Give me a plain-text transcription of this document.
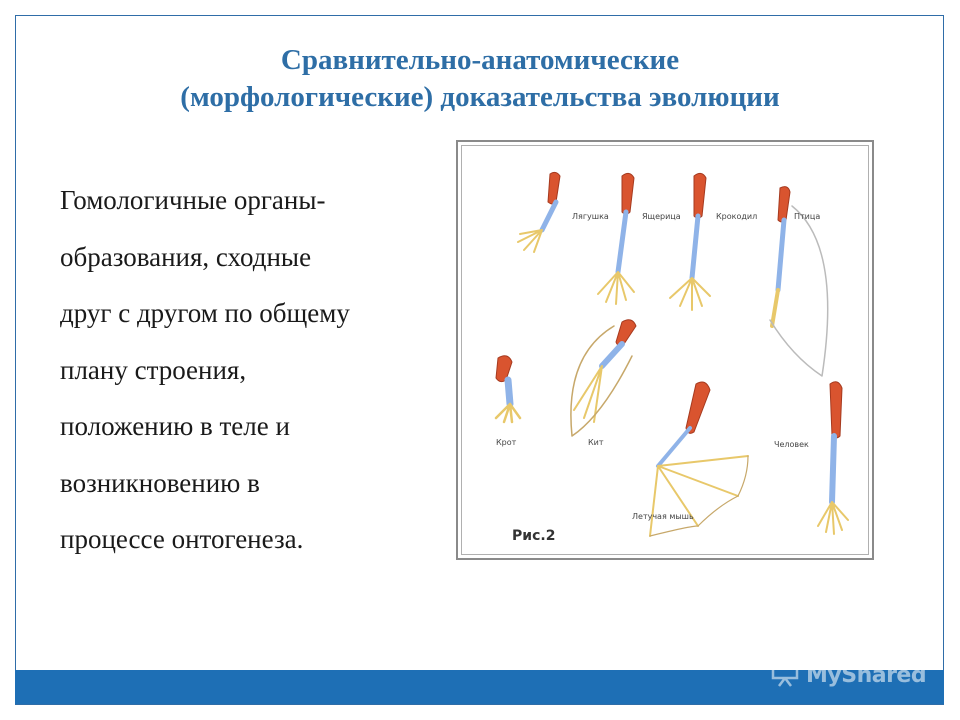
Сравнительно-анатомические
(морфологические) доказательства эволюции
Гомологичные органы-
образования, сходные
друг с другом по общему
плану строения,
положению в теле и
возникновению в
процессе онтогенеза.
Лягушка	Ящерица	Крокодил	Птица
Крот	Кит
Летучая мышь
Человек
Рис.2
MyShared
